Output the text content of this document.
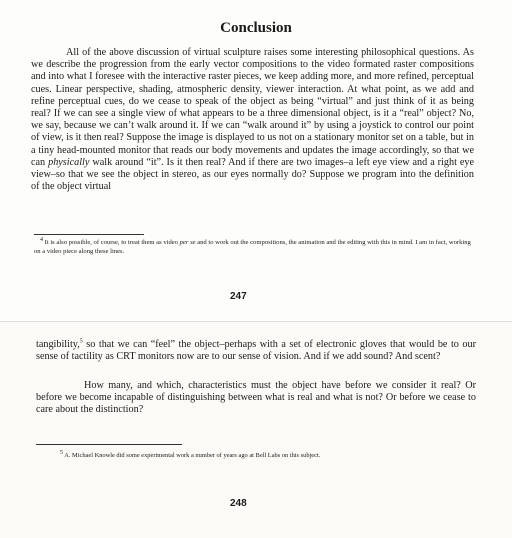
Conclusion
All of the above discussion of virtual sculpture raises some interesting philosophical questions. As we describe the progression from the early vector compositions to the video formated raster compositions and into what I foresee with the interactive raster pieces, we keep adding more, and more refined, perceptual cues. Linear perspective, shading, atmospheric density, viewer interaction. At what point, as we add and refine perceptual cues, do we cease to speak of the object as being “virtual” and just think of it as being real? If we can see a single view of what appears to be a three dimensional object, is it a “real” object? No, we say, because we can’t walk around it. If we can “walk around it” by using a joystick to control our point of view, is it then real? Suppose the image is displayed to us not on a stationary monitor set on a table, but in a tiny head-mounted monitor that reads our body movements and updates the image accordingly, so that we can physically walk around “it”. Is it then real? And if there are two images–a left eye view and a right eye view–so that we see the object in stereo, as our eyes normally do? Suppose we program into the definition of the object virtual
$^4$ It is also possible, of course, to treat them as video per se and to work out the compositions, the animation and the editing with this in mind. I am in fact, working on a video piece along these lines.
247
tangibility,$^5$ so that we can “feel” the object–perhaps with a set of electronic gloves that would be to our sense of tactility as CRT monitors now are to our sense of vision. And if we add sound? And scent?
How many, and which, characteristics must the object have before we consider it real? Or before we become incapable of distinguishing between what is real and what is not? Or before we cease to care about the distinction?
$^5$ A. Michael Knowle did some experimental work a number of years ago at Bell Labs on this subject.
248
